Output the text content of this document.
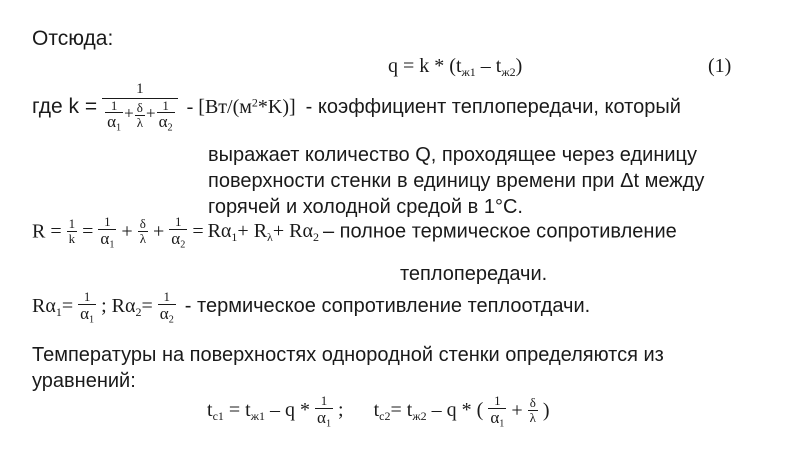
Отсюда:
$q = k * (t_{ж1} - t_{ж2})$	(1)
где $k = \frac{1}{\frac{1}{\alpha_1} + \frac{\delta}{\lambda} + \frac{1}{\alpha_2}} - [Вт/(м^2*K)]$ - коэффициент теплопередачи, который
выражает количество Q, проходящее через единицу
поверхности стенки в единицу времени при Δt между
горячей и холодной средой в 1°С.
$R = \frac{1}{k} = \frac{1}{\alpha_1} + \frac{\delta}{\lambda} + \frac{1}{\alpha_2} = R\alpha_1+ R_\lambda+ R\alpha_2$ – полное термическое сопротивление
теплопередачи.
$R\alpha_1= \frac{1}{\alpha_1}$ ; $R\alpha_2= \frac{1}{\alpha_2}$ - термическое сопротивление теплоотдачи.
Температуры на поверхностях однородной стенки определяются из
уравнений:
$t_{с1} = t_{ж1} - q * \frac{1}{\alpha_1}$ ; $t_{с2}= t_{ж2} - q$ * ( $\frac{1}{\alpha_1} + \frac{\delta}{\lambda}$ )
